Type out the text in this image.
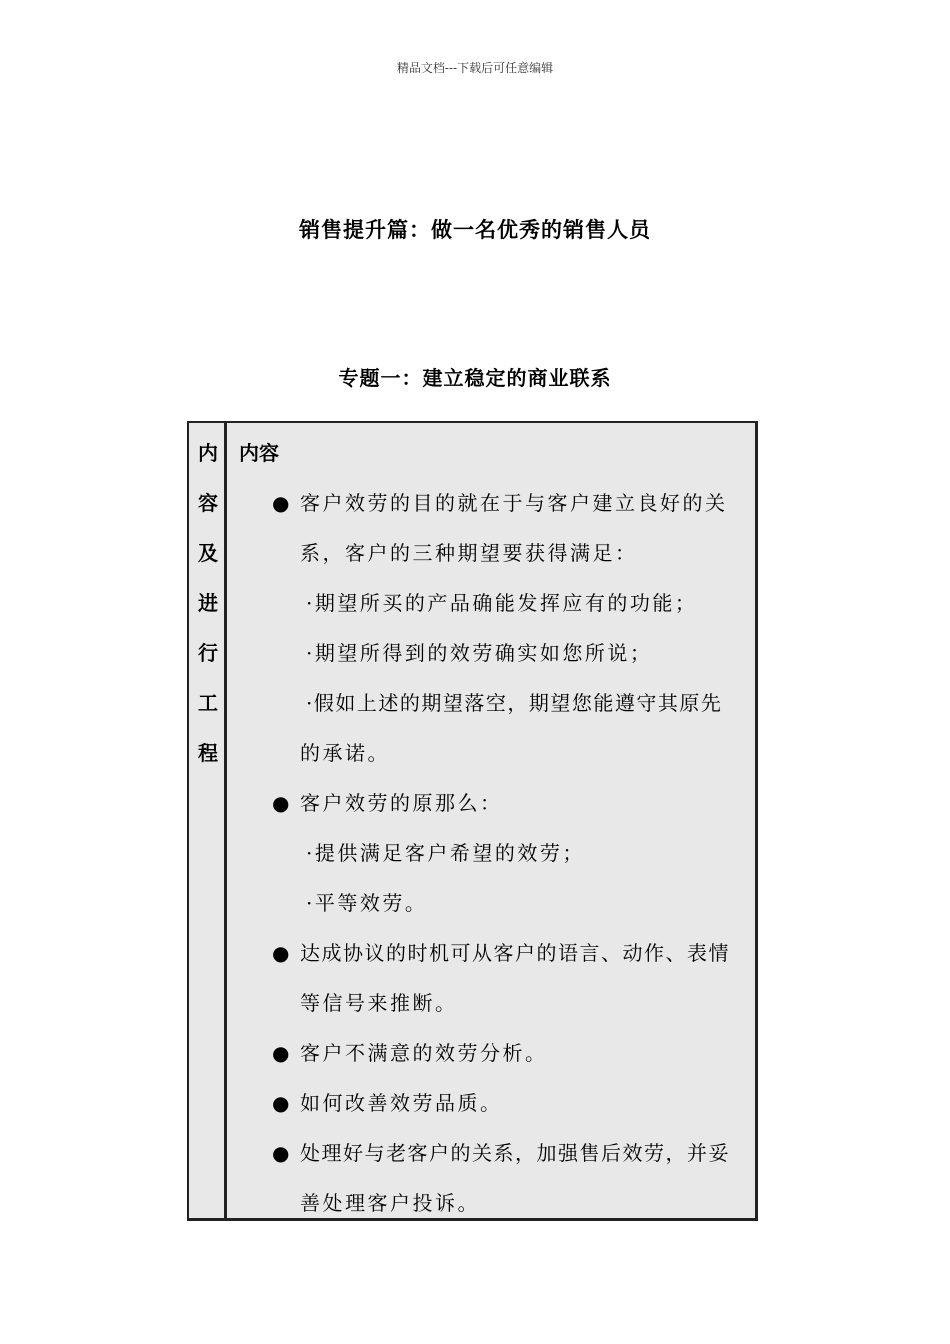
精品文档---下载后可任意编辑
销售提升篇：做一名优秀的销售人员
专题一：建立稳定的商业联系
内
容
及
进
行
工
程
内容
● 客户效劳的目的就在于与客户建立良好的关
系，客户的三种期望要获得满足：
·期望所买的产品确能发挥应有的功能；
·期望所得到的效劳确实如您所说；
·假如上述的期望落空，期望您能遵守其原先
的承诺。
● 客户效劳的原那么：
·提供满足客户希望的效劳；
·平等效劳。
● 达成协议的时机可从客户的语言、动作、表情
等信号来推断。
● 客户不满意的效劳分析。
● 如何改善效劳品质。
● 处理好与老客户的关系，加强售后效劳，并妥
善处理客户投诉。
